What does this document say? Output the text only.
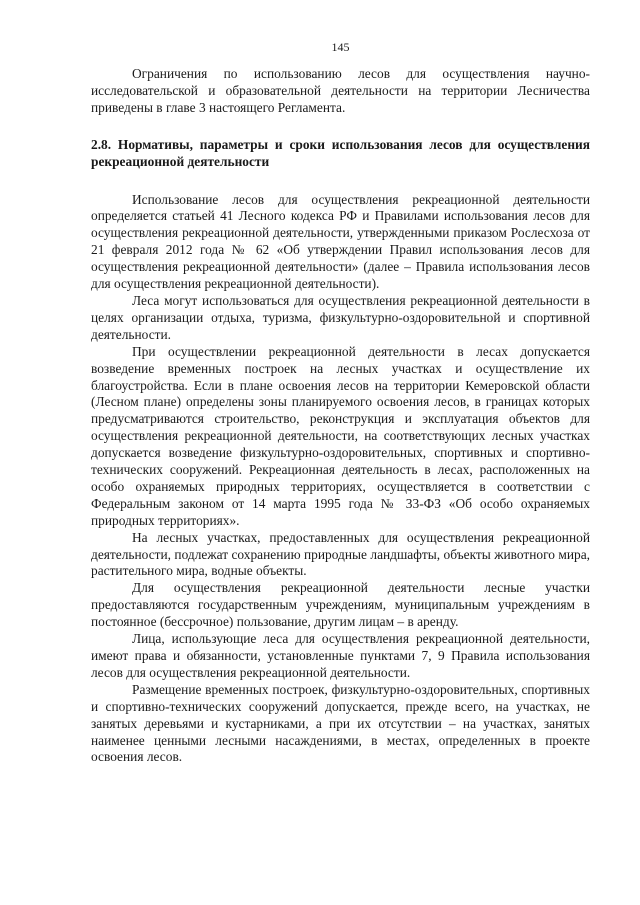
145

Ограничения по использованию лесов для осуществления научно-исследовательской и образовательной деятельности на территории Лесничества приведены в главе 3 настоящего Регламента.

2.8. Нормативы, параметры и сроки использования лесов для осуществления рекреационной деятельности

Использование лесов для осуществления рекреационной деятельности определяется статьей 41 Лесного кодекса РФ и Правилами использования лесов для осуществления рекреационной деятельности, утвержденными приказом Рослесхоза от 21 февраля 2012 года № 62 «Об утверждении Правил использования лесов для осуществления рекреационной деятельности» (далее – Правила использования лесов для осуществления рекреационной деятельности).

Леса могут использоваться для осуществления рекреационной деятельности в целях организации отдыха, туризма, физкультурно-оздоровительной и спортивной деятельности.

При осуществлении рекреационной деятельности в лесах допускается возведение временных построек на лесных участках и осуществление их благоустройства. Если в плане освоения лесов на территории Кемеровской области (Лесном плане) определены зоны планируемого освоения лесов, в границах которых предусматриваются строительство, реконструкция и эксплуатация объектов для осуществления рекреационной деятельности, на соответствующих лесных участках допускается возведение физкультурно-оздоровительных, спортивных и спортивно-технических сооружений. Рекреационная деятельность в лесах, расположенных на особо охраняемых природных территориях, осуществляется в соответствии с Федеральным законом от 14 марта 1995 года № 33-ФЗ «Об особо охраняемых природных территориях».

На лесных участках, предоставленных для осуществления рекреационной деятельности, подлежат сохранению природные ландшафты, объекты животного мира, растительного мира, водные объекты.

Для осуществления рекреационной деятельности лесные участки предоставляются государственным учреждениям, муниципальным учреждениям в постоянное (бессрочное) пользование, другим лицам – в аренду.

Лица, использующие леса для осуществления рекреационной деятельности, имеют права и обязанности, установленные пунктами 7, 9 Правила использования лесов для осуществления рекреационной деятельности.

Размещение временных построек, физкультурно-оздоровительных, спортивных и спортивно-технических сооружений допускается, прежде всего, на участках, не занятых деревьями и кустарниками, а при их отсутствии – на участках, занятых наименее ценными лесными насаждениями, в местах, определенных в проекте освоения лесов.
